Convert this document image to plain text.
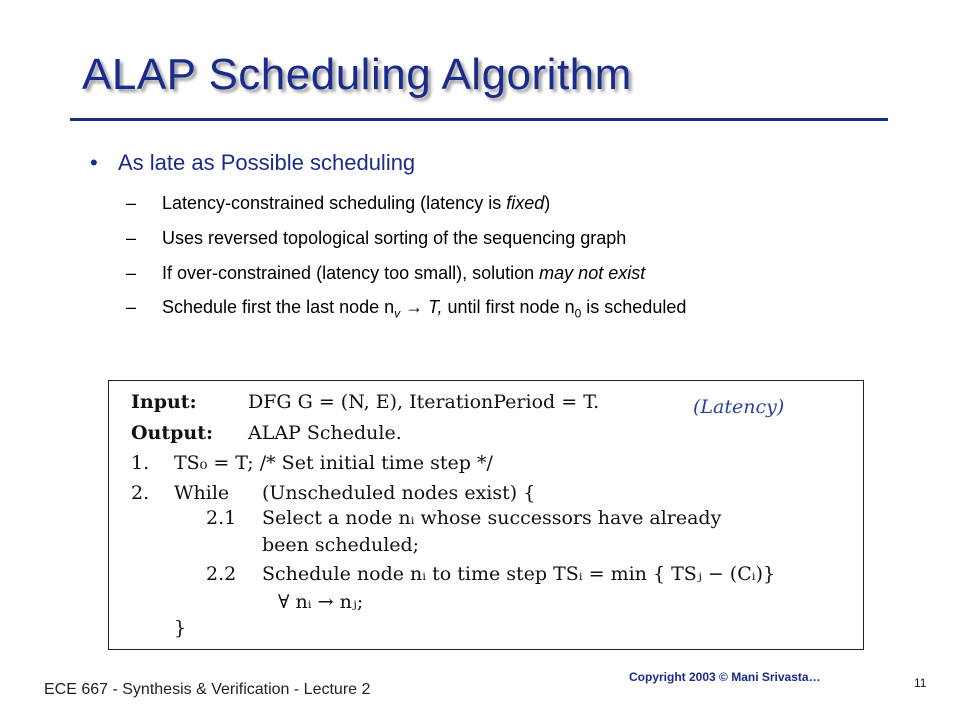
ALAP Scheduling Algorithm
• As late as Possible scheduling
– Latency-constrained scheduling (latency is fixed)
– Uses reversed topological sorting of the sequencing graph
– If over-constrained (latency too small), solution may not exist
– Schedule first the last node $n_v \to T$, until first node $n_0$ is scheduled
Input:	DFG G = (N, E), IterationPeriod = T.	(Latency)
Output: ALAP Schedule.
1. TS₀ = T; /* Set initial time step */
2. While (Unscheduled nodes exist) {
2.1 Select a node nᵢ whose successors have already
been scheduled;
2.2 Schedule node nᵢ to time step TSᵢ = min { TSⱼ − (Cᵢ)}
∀ nᵢ → nⱼ;
}
ECE 667 - Synthesis & Verification - Lecture 2
Copyright 2003 © Mani Srivasta…	11
